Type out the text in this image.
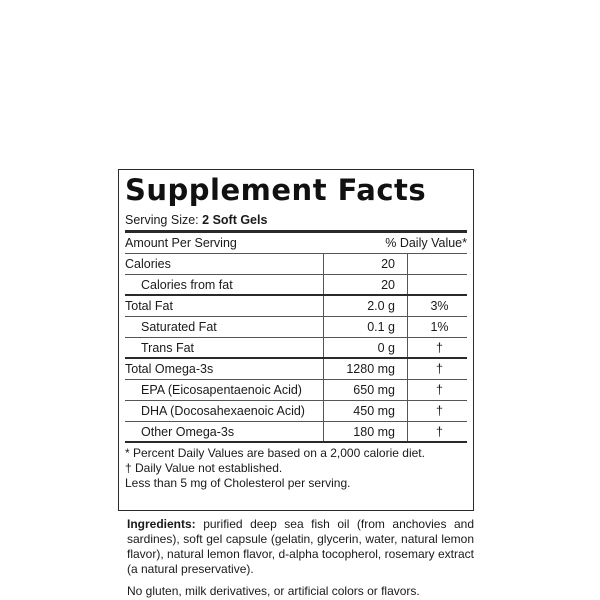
Supplement Facts
Serving Size: 2 Soft Gels
Amount Per Serving	% Daily Value*
Calories	20
Calories from fat	20
Total Fat	2.0 g	3%
Saturated Fat	0.1 g	1%
Trans Fat	0 g	†
Total Omega-3s	1280 mg	†
EPA (Eicosapentaenoic Acid)	650 mg	†
DHA (Docosahexaenoic Acid)	450 mg	†
Other Omega-3s	180 mg	†
* Percent Daily Values are based on a 2,000 calorie diet.
† Daily Value not established.
Less than 5 mg of Cholesterol per serving.
Ingredients: purified deep sea fish oil (from anchovies and sardines), soft gel capsule (gelatin, glycerin, water, natural lemon flavor), natural lemon flavor, d-alpha tocopherol, rosemary extract (a natural preservative).
No gluten, milk derivatives, or artificial colors or flavors.
